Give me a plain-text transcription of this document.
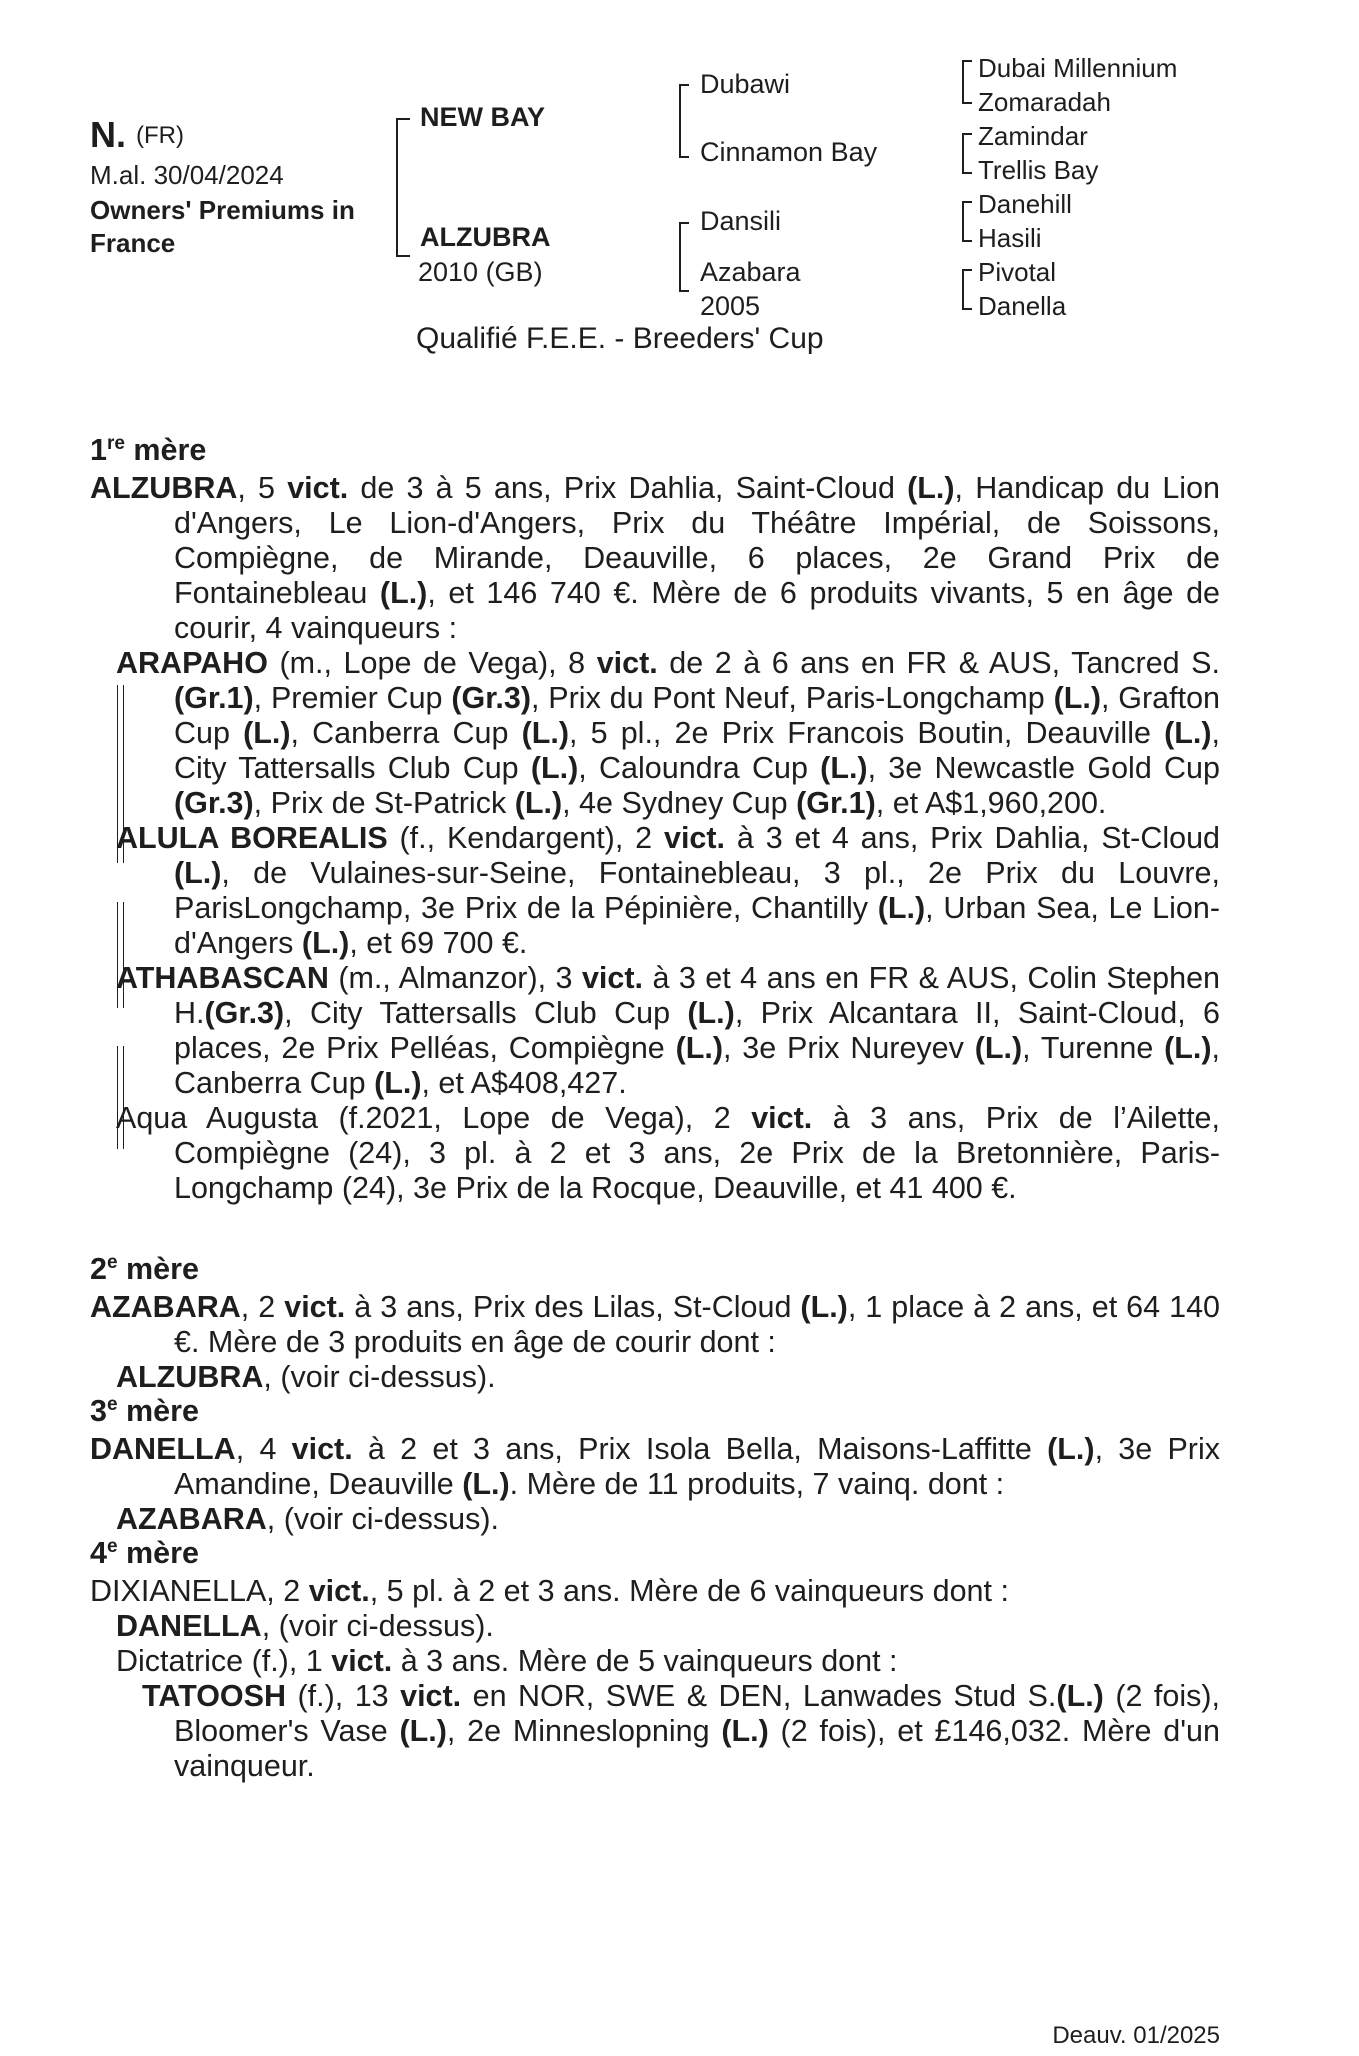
N. (FR)
M.al. 30/04/2024
Owners' Premiums in
France
NEW BAY
ALZUBRA
2010 (GB)
Dubawi
Cinnamon Bay
Dansili
Azabara
2005
Dubai Millennium
Zomaradah
Zamindar
Trellis Bay
Danehill
Hasili
Pivotal
Danella
Qualifié F.E.E. - Breeders' Cup
1re mère

ALZUBRA, 5 vict. de 3 à 5 ans, Prix Dahlia, Saint-Cloud (L.), Handicap du Lion d'Angers, Le Lion-d'Angers, Prix du Théâtre Impérial, de Soissons, Compiègne, de Mirande, Deauville, 6 places, 2e Grand Prix de Fontainebleau (L.), et 146 740 €. Mère de 6 produits vivants, 5 en âge de courir, 4 vainqueurs :

ARAPAHO (m., Lope de Vega), 8 vict. de 2 à 6 ans en FR & AUS, Tancred S.(Gr.1), Premier Cup (Gr.3), Prix du Pont Neuf, Paris-Longchamp (L.), Grafton Cup (L.), Canberra Cup (L.), 5 pl., 2e Prix Francois Boutin, Deauville (L.), City Tattersalls Club Cup (L.), Caloundra Cup (L.), 3e Newcastle Gold Cup (Gr.3), Prix de St-Patrick (L.), 4e Sydney Cup (Gr.1), et A$1,960,200.

ALULA BOREALIS (f., Kendargent), 2 vict. à 3 et 4 ans, Prix Dahlia, St-Cloud (L.), de Vulaines-sur-Seine, Fontainebleau, 3 pl., 2e Prix du Louvre, ParisLongchamp, 3e Prix de la Pépinière, Chantilly (L.), Urban Sea, Le Lion-d'Angers (L.), et 69 700 €.

ATHABASCAN (m., Almanzor), 3 vict. à 3 et 4 ans en FR & AUS, Colin Stephen H.(Gr.3), City Tattersalls Club Cup (L.), Prix Alcantara II, Saint-Cloud, 6 places, 2e Prix Pelléas, Compiègne (L.), 3e Prix Nureyev (L.), Turenne (L.), Canberra Cup (L.), et A$408,427.

Aqua Augusta (f.2021, Lope de Vega), 2 vict. à 3 ans, Prix de l’Ailette, Compiègne (24), 3 pl. à 2 et 3 ans, 2e Prix de la Bretonnière, Paris-Longchamp (24), 3e Prix de la Rocque, Deauville, et 41 400 €.

2e mère

AZABARA, 2 vict. à 3 ans, Prix des Lilas, St-Cloud (L.), 1 place à 2 ans, et 64 140 €. Mère de 3 produits en âge de courir dont :

ALZUBRA, (voir ci-dessus).

3e mère

DANELLA, 4 vict. à 2 et 3 ans, Prix Isola Bella, Maisons-Laffitte (L.), 3e Prix Amandine, Deauville (L.). Mère de 11 produits, 7 vainq. dont :

AZABARA, (voir ci-dessus).

4e mère

DIXIANELLA, 2 vict., 5 pl. à 2 et 3 ans. Mère de 6 vainqueurs dont :

DANELLA, (voir ci-dessus).

Dictatrice (f.), 1 vict. à 3 ans. Mère de 5 vainqueurs dont :

TATOOSH (f.), 13 vict. en NOR, SWE & DEN, Lanwades Stud S.(L.) (2 fois), Bloomer's Vase (L.), 2e Minneslopning (L.) (2 fois), et £146,032. Mère d'un vainqueur.

Deauv. 01/2025
